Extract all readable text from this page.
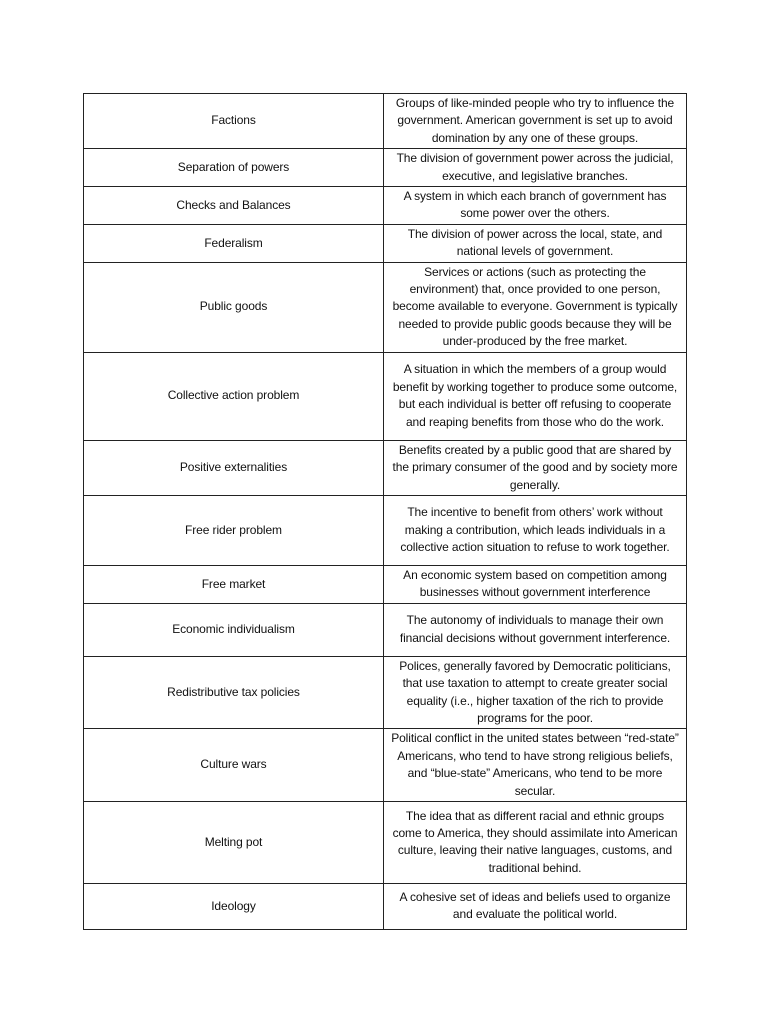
Factions	Groups of like-minded people who try to influence the government. American government is set up to avoid domination by any one of these groups.
Separation of powers	The division of government power across the judicial, executive, and legislative branches.
Checks and Balances	A system in which each branch of government has some power over the others.
Federalism	The division of power across the local, state, and national levels of government.
Public goods	Services or actions (such as protecting the environment) that, once provided to one person, become available to everyone. Government is typically needed to provide public goods because they will be under-produced by the free market.
Collective action problem	A situation in which the members of a group would benefit by working together to produce some outcome, but each individual is better off refusing to cooperate and reaping benefits from those who do the work.
Positive externalities	Benefits created by a public good that are shared by the primary consumer of the good and by society more generally.
Free rider problem	The incentive to benefit from others’ work without making a contribution, which leads individuals in a collective action situation to refuse to work together.
Free market	An economic system based on competition among businesses without government interference
Economic individualism	The autonomy of individuals to manage their own financial decisions without government interference.
Redistributive tax policies	Polices, generally favored by Democratic politicians, that use taxation to attempt to create greater social equality (i.e., higher taxation of the rich to provide programs for the poor.
Culture wars	Political conflict in the united states between “red-state” Americans, who tend to have strong religious beliefs, and “blue-state” Americans, who tend to be more secular.
Melting pot	The idea that as different racial and ethnic groups come to America, they should assimilate into American culture, leaving their native languages, customs, and traditional behind.
Ideology	A cohesive set of ideas and beliefs used to organize and evaluate the political world.
